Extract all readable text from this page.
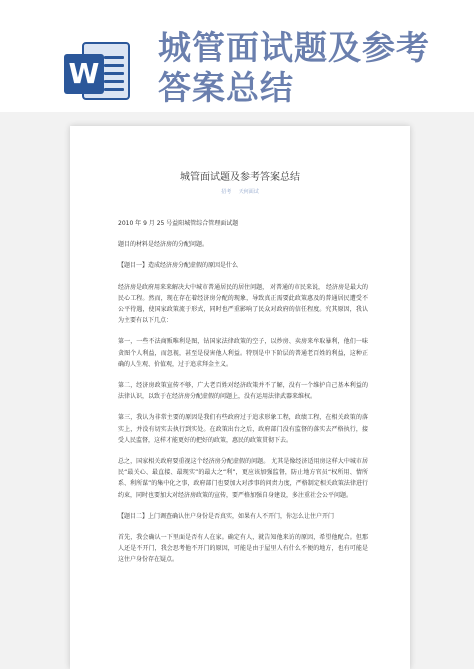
W
城管面试题及参考
答案总结
城管面试题及参考答案总结
招考 天何面试

2010 年 9 月 25 号益阳城管综合管理面试题

题目的材料是经济房的分配问题。

【题目一】造成经济房分配虚假的原因是什么

经济房是政府用来来解决大中城市普通居民的居住问题， 对普通的市民来说， 经济房是最大的民心工程。然而，现在存在着经济房分配的现象，导致真正需要此政策惠及的普通居民遭受不公平待遇，使国家政策流于形式，同时也严重影响了民众对政府的信任程度。究其原因，我认为主要有以下几点：

第一，一些不法商贩唯利是图，钻国家法律政策的空子，以炒房、卖房来牟取暴利，他们一味贪图个人利益，而忽视，甚至是侵害他人利益。特别是中下阶层的普通老百姓的利益，这种正确的人生观、价值观，过于追求拜金主义。

第二，经济房政策宣传不够，广大老百姓对经济政策并不了解，没有一个维护自己基本利益的法律认识，以致于在经济房分配虚假的问题上，没有运用法律武器来维权。

第三，我认为非常主要的原因是我们有些政府过于追求形象工程，政绩工程，在相关政策的落实上，并没有切实去执行到实处。在政策出台之后，政府部门没有监督的落实去严格执行，接受人民监督，这样才能更好的把好的政策，惠民的政策贯彻下去。

总之，国家相关政府要重视这个经济房分配虚假的问题。 尤其是像经济适用房这样大中城市居民“最关心、最直接、最现实”的最大之“利”，更应该加强监督，防止地方官员“权所用、情所系、利所谋”的集中化之事，政府部门也要加大对涉事的问责力度，严格制定相关政策法律进行约束，同时也要加大对经济房政策的宣传，要严格加强自身建设，多注重社会公平问题。

【题目二】上门调查确认住户身份是否真实，如果有人不开门，你怎么让住户开门

首先，我会确认一下里面是否有人在家。确定有人，就告知他来访的原因，希望他配合。但那人还是不开门，我会思考他不开门的原因，可能是由于屋里人有什么不便的地方，也有可能是这住户身份存在疑点。
